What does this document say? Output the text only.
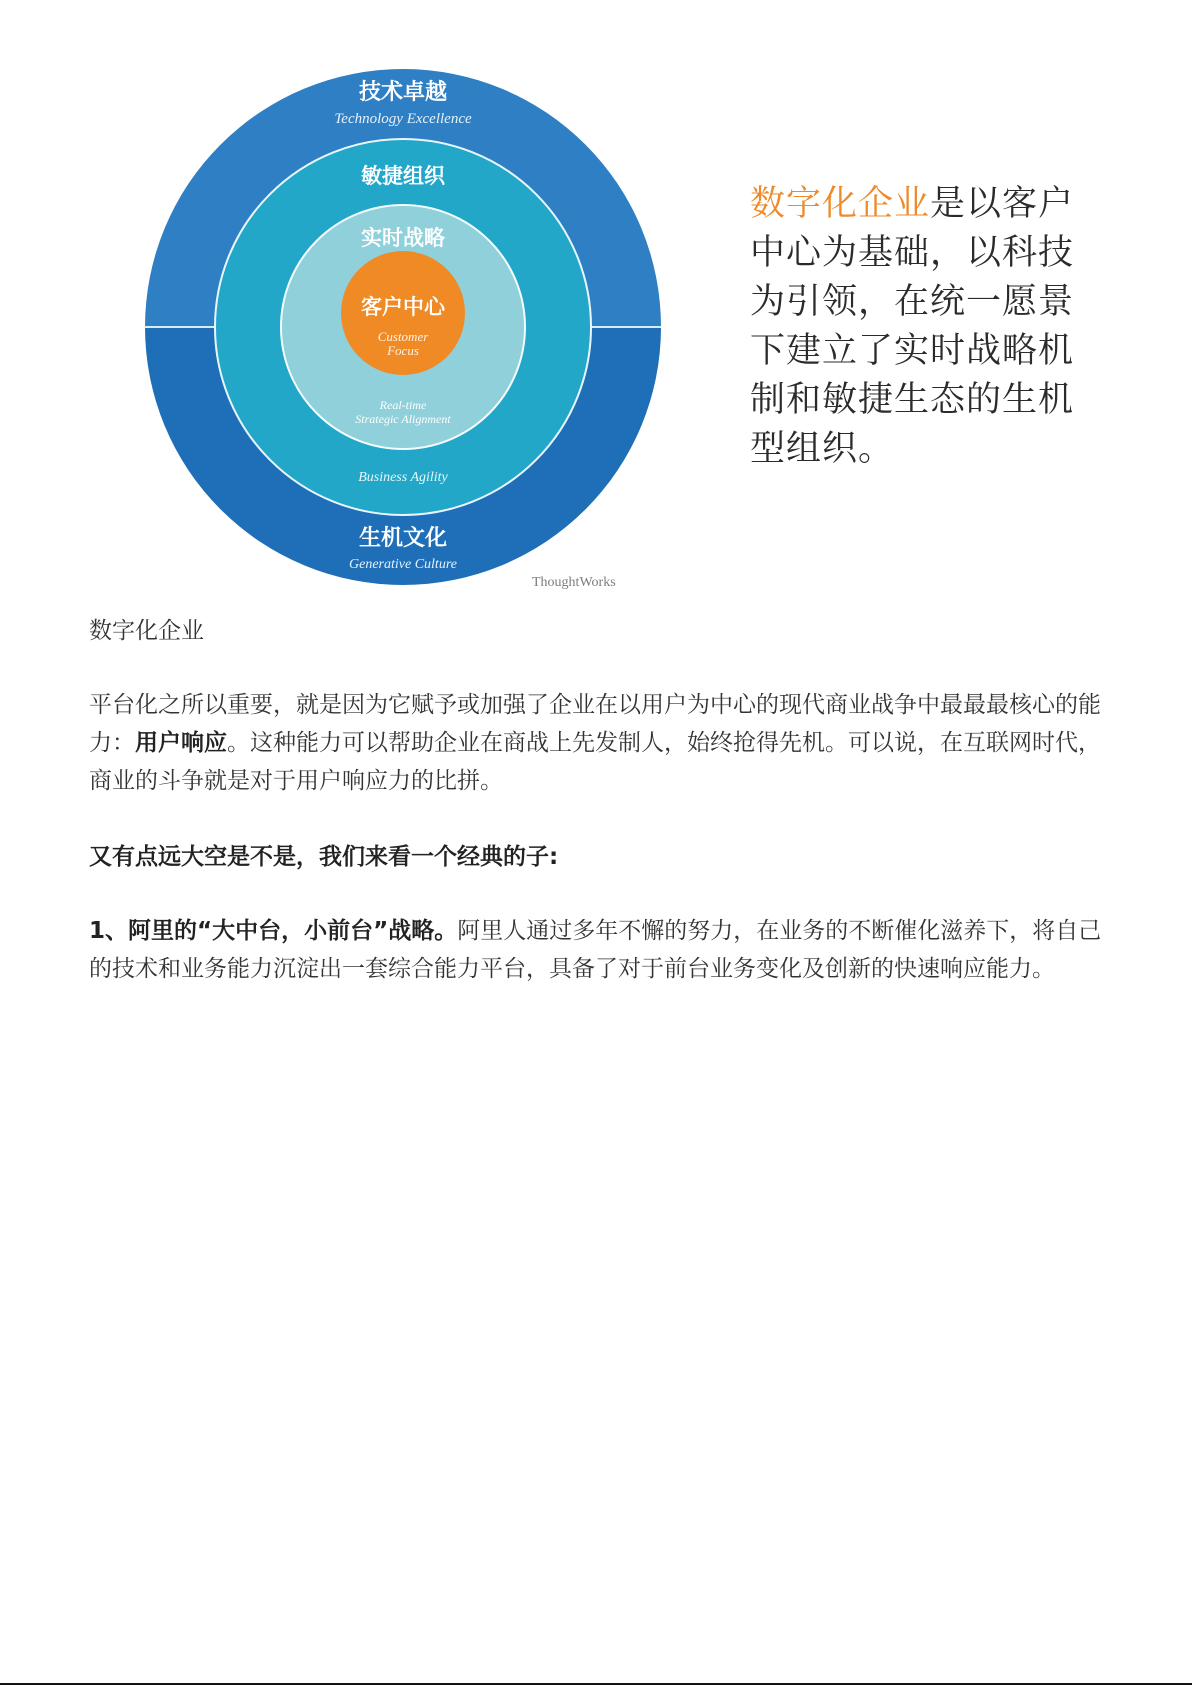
技术卓越
Technology Excellence
敏捷组织
Business Agility
实时战略
Real-time
Strategic Alignment
客户中心
Customer
Focus
生机文化
Generative Culture
ThoughtWorks
数字化企业是以客户中心为基础，以科技为引领，在统一愿景下建立了实时战略机制和敏捷生态的生机型组织。
数字化企业

平台化之所以重要，就是因为它赋予或加强了企业在以用户为中心的现代商业战争中最最最核心的能力：用户响应。这种能力可以帮助企业在商战上先发制人，始终抢得先机。可以说，在互联网时代，商业的斗争就是对于用户响应力的比拼。

又有点远大空是不是，我们来看一个经典的子:

1、阿里的“大中台，小前台”战略。阿里人通过多年不懈的努力，在业务的不断催化滋养下，将自己的技术和业务能力沉淀出一套综合能力平台，具备了对于前台业务变化及创新的快速响应能力。
